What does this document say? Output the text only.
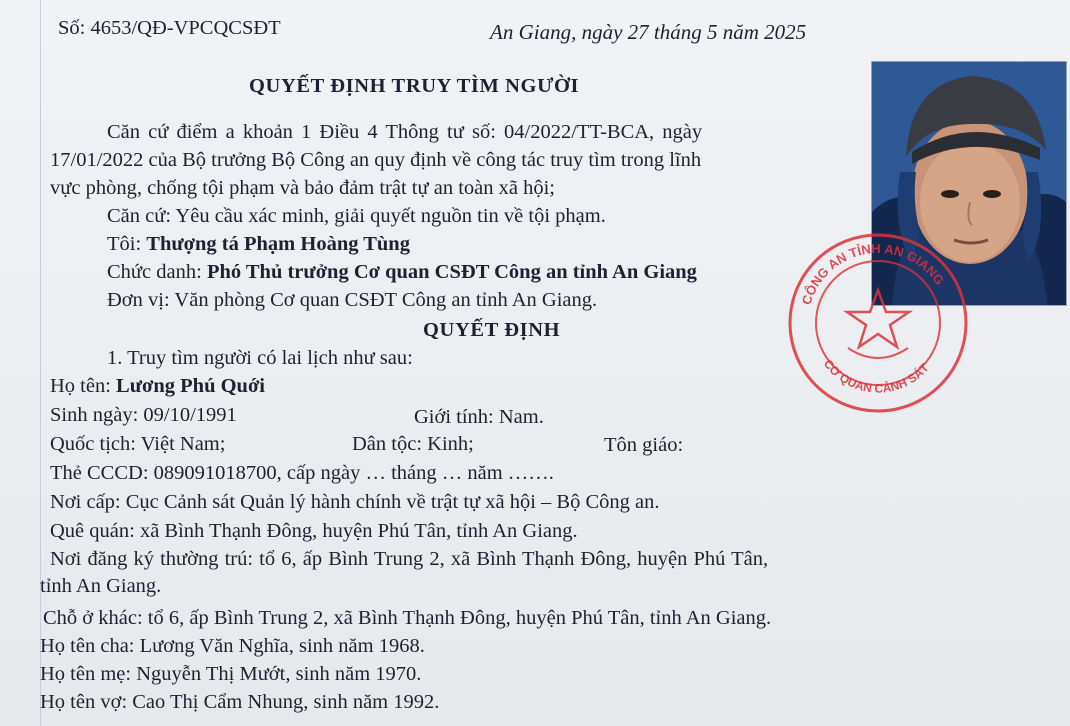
Số: 4653/QĐ-VPCQCSĐT	An Giang, ngày 27 tháng 5 năm 2025
QUYẾT ĐỊNH TRUY TÌM NGƯỜI
Căn cứ điểm a khoản 1 Điều 4 Thông tư số: 04/2022/TT-BCA, ngày
17/01/2022 của Bộ trưởng Bộ Công an quy định về công tác truy tìm trong lĩnh
vực phòng, chống tội phạm và bảo đảm trật tự an toàn xã hội;
Căn cứ: Yêu cầu xác minh, giải quyết nguồn tin về tội phạm.
Tôi: Thượng tá Phạm Hoàng Tùng
Chức danh: Phó Thủ trưởng Cơ quan CSĐT Công an tỉnh An Giang
Đơn vị: Văn phòng Cơ quan CSĐT Công an tỉnh An Giang.
QUYẾT ĐỊNH
1. Truy tìm người có lai lịch như sau:
Họ tên: Lương Phú Quới
Sinh ngày: 09/10/1991	Giới tính: Nam.
Quốc tịch: Việt Nam;	Dân tộc: Kinh;	Tôn giáo:
Thẻ CCCD: 089091018700, cấp ngày … tháng … năm …….
Nơi cấp: Cục Cảnh sát Quản lý hành chính về trật tự xã hội – Bộ Công an.
Quê quán: xã Bình Thạnh Đông, huyện Phú Tân, tỉnh An Giang.
Nơi đăng ký thường trú: tổ 6, ấp Bình Trung 2, xã Bình Thạnh Đông, huyện Phú Tân,
tỉnh An Giang.
Chỗ ở khác: tổ 6, ấp Bình Trung 2, xã Bình Thạnh Đông, huyện Phú Tân, tỉnh An Giang.
Họ tên cha: Lương Văn Nghĩa, sinh năm 1968.
Họ tên mẹ: Nguyễn Thị Mướt, sinh năm 1970.
Họ tên vợ: Cao Thị Cẩm Nhung, sinh năm 1992.
CÔNG AN TỈNH AN GIANG
CƠ QUAN CẢNH SÁT
